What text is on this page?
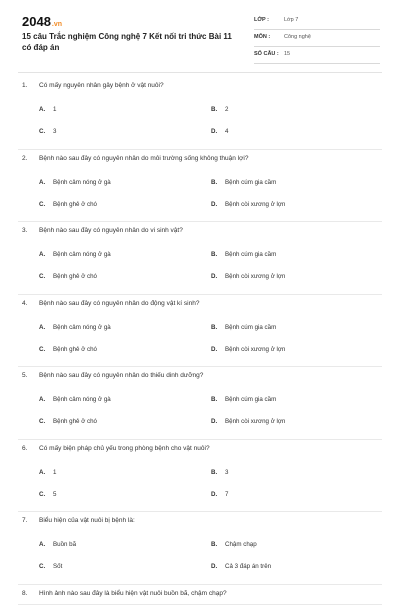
2048.vn
15 câu Trắc nghiệm Công nghệ 7 Kết nối tri thức Bài 11 có đáp án
LỚP :	Lớp 7
MÔN :	Công nghệ
SỐ CÂU : 15
1. Có mấy nguyên nhân gây bệnh ở vật nuôi?
A. 1	B. 2
C. 3	D. 4
2. Bệnh nào sau đây có nguyên nhân do môi trường sống không thuận lợi?
A. Bệnh cảm nóng ở gà	B. Bệnh cúm gia cầm
C. Bệnh ghẻ ở chó	D. Bệnh còi xương ở lợn
3. Bệnh nào sau đây có nguyên nhân do vi sinh vật?
A. Bệnh cảm nóng ở gà	B. Bệnh cúm gia cầm
C. Bệnh ghẻ ở chó	D. Bệnh còi xương ở lợn
4. Bệnh nào sau đây có nguyên nhân do động vật kí sinh?
A. Bệnh cảm nóng ở gà	B. Bệnh cúm gia cầm
C. Bệnh ghẻ ở chó	D. Bệnh còi xương ở lợn
5. Bệnh nào sau đây có nguyên nhân do thiếu dinh dưỡng?
A. Bệnh cảm nóng ở gà	B. Bệnh cúm gia cầm
C. Bệnh ghẻ ở chó	D. Bệnh còi xương ở lợn
6. Có mấy biện pháp chủ yếu trong phòng bệnh cho vật nuôi?
A. 1	B. 3
C. 5	D. 7
7. Biểu hiện của vật nuôi bị bệnh là:
A. Buồn bã	B. Chậm chạp
C. Sốt	D. Cả 3 đáp án trên
8. Hình ảnh nào sau đây là biểu hiện vật nuôi buồn bã, chậm chạp?
